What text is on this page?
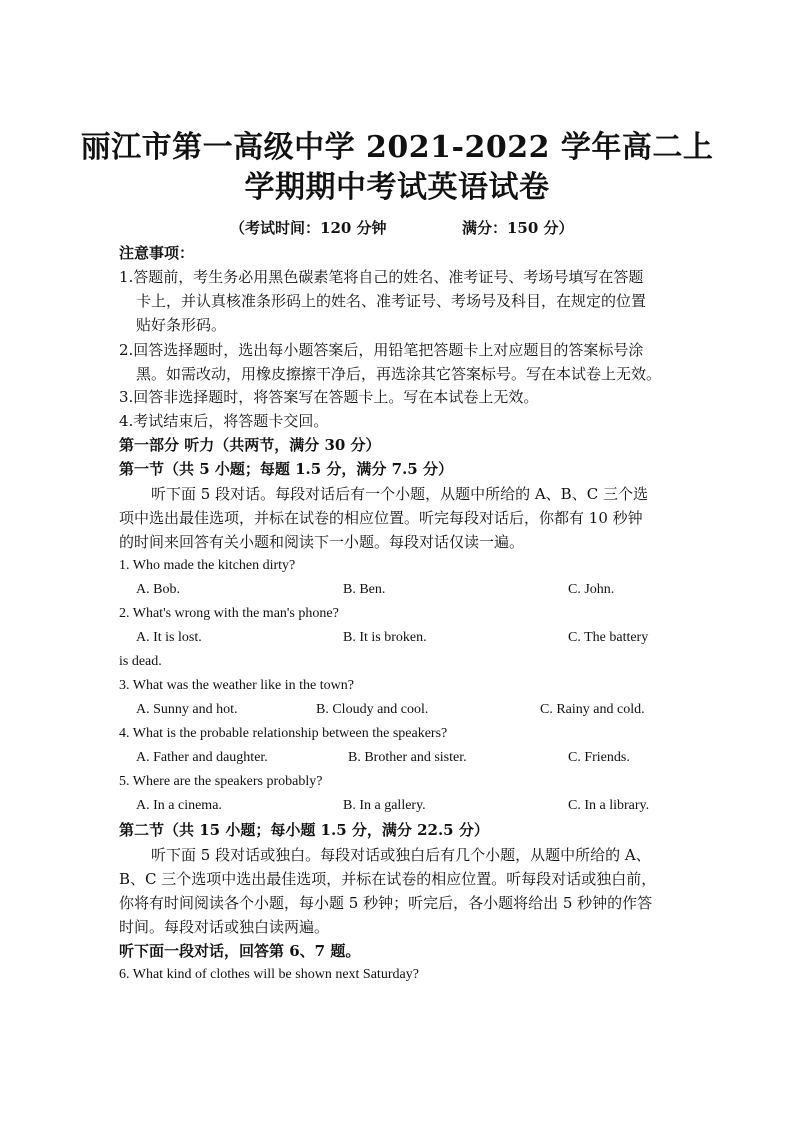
丽江市第一高级中学 2021-2022 学年高二上
学期期中考试英语试卷
（考试时间：120 分钟	满分：150 分）
注意事项：
1.答题前，考生务必用黑色碳素笔将自己的姓名、准考证号、考场号填写在答题
卡上，并认真核准条形码上的姓名、准考证号、考场号及科目，在规定的位置
贴好条形码。
2.回答选择题时，选出每小题答案后，用铅笔把答题卡上对应题目的答案标号涂
黑。如需改动，用橡皮擦擦干净后，再选涂其它答案标号。写在本试卷上无效。
3.回答非选择题时，将答案写在答题卡上。写在本试卷上无效。
4.考试结束后，将答题卡交回。
第一部分 听力（共两节，满分 30 分）
第一节（共 5 小题；每题 1.5 分，满分 7.5 分）
听下面 5 段对话。每段对话后有一个小题，从题中所给的 A、B、C 三个选
项中选出最佳选项，并标在试卷的相应位置。听完每段对话后，你都有 10 秒钟
的时间来回答有关小题和阅读下一小题。每段对话仅读一遍。
1. Who made the kitchen dirty?
A. Bob.	B. Ben.	C. John.
2. What's wrong with the man's phone?
A. It is lost.	B. It is broken.	C. The battery
is dead.
3. What was the weather like in the town?
A. Sunny and hot.	B. Cloudy and cool.	C. Rainy and cold.
4. What is the probable relationship between the speakers?
A. Father and daughter.	B. Brother and sister.	C. Friends.
5. Where are the speakers probably?
A. In a cinema.	B. In a gallery.	C. In a library.
第二节（共 15 小题；每小题 1.5 分，满分 22.5 分）
听下面 5 段对话或独白。每段对话或独白后有几个小题，从题中所给的 A、
B、C 三个选项中选出最佳选项，并标在试卷的相应位置。听每段对话或独白前，
你将有时间阅读各个小题，每小题 5 秒钟；听完后，各小题将给出 5 秒钟的作答
时间。每段对话或独白读两遍。
听下面一段对话，回答第 6、7 题。
6. What kind of clothes will be shown next Saturday?
